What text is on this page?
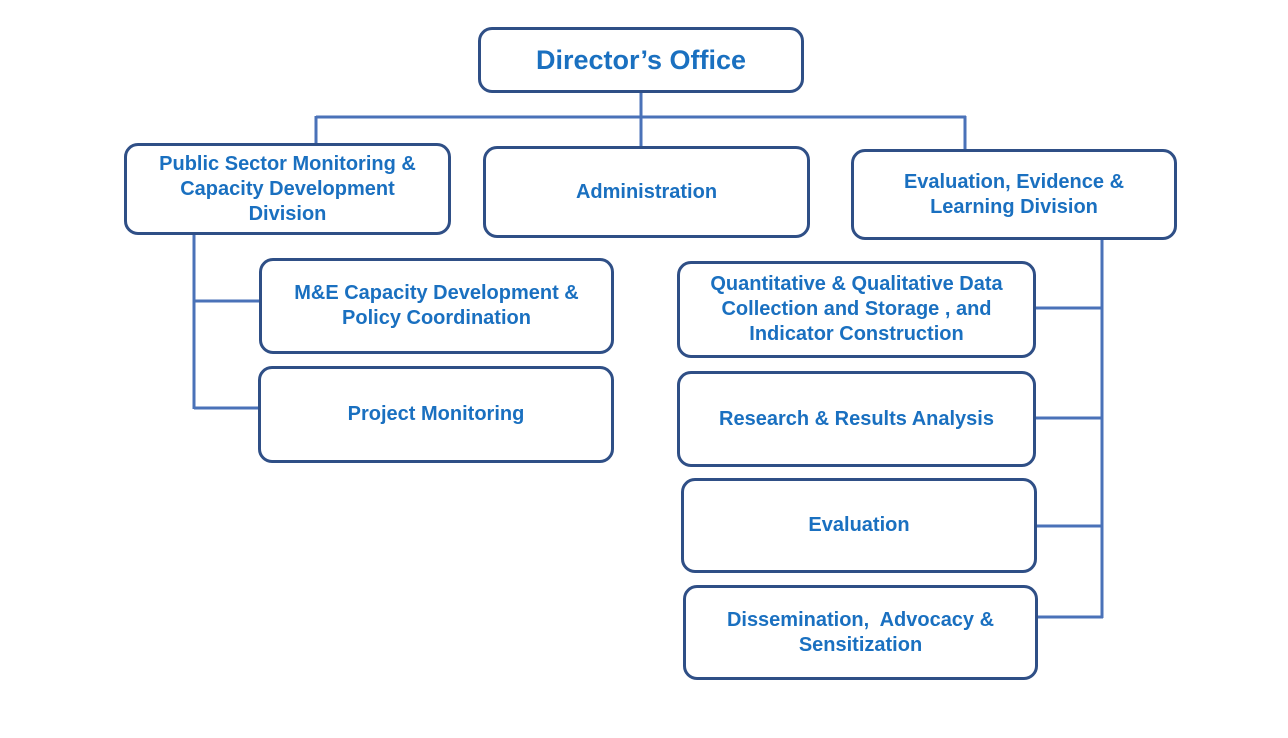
Director’s Office
Public Sector Monitoring & Capacity Development Division
Administration	Evaluation, Evidence & Learning Division
M&E Capacity Development & Policy Coordination
Project Monitoring
Quantitative & Qualitative Data Collection and Storage , and Indicator Construction
Research & Results Analysis
Evaluation
Dissemination,  Advocacy & Sensitization
